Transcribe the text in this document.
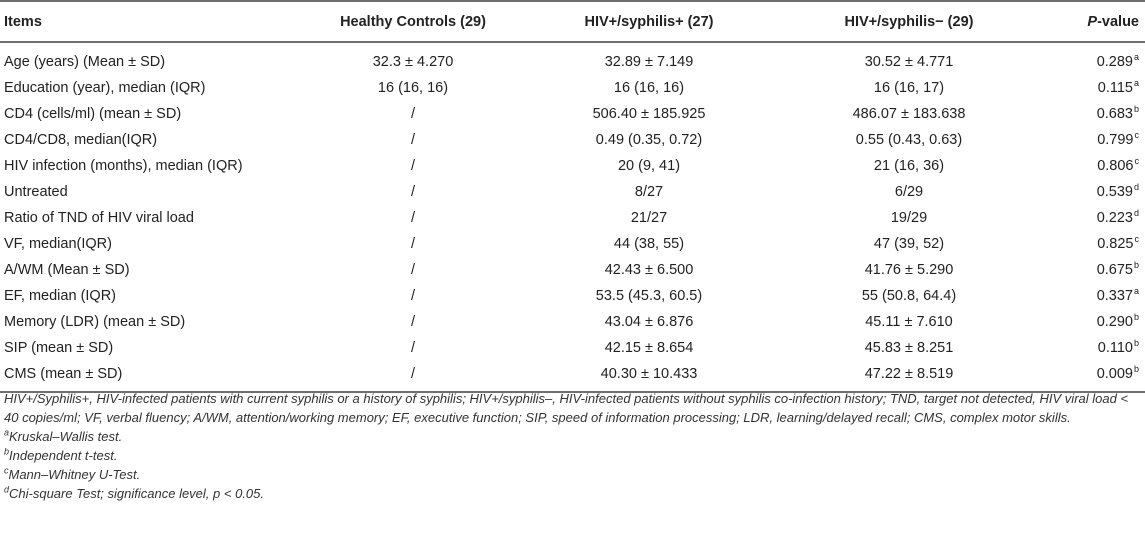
Items	Healthy Controls (29)	HIV+/syphilis+ (27)	HIV+/syphilis− (29)	P-value
Age (years) (Mean ± SD)	32.3 ± 4.270	32.89 ± 7.149	30.52 ± 4.771	0.289$^a$
Education (year), median (IQR)	16 (16, 16)	16 (16, 16)	16 (16, 17)	0.115$^a$
CD4 (cells/ml) (mean ± SD)	/	506.40 ± 185.925	486.07 ± 183.638	0.683$^b$
CD4/CD8, median(IQR)	/	0.49 (0.35, 0.72)	0.55 (0.43, 0.63)	0.799$^c$
HIV infection (months), median (IQR)	/	20 (9, 41)	21 (16, 36)	0.806$^c$
Untreated	/	8/27	6/29	0.539$^d$
Ratio of TND of HIV viral load	/	21/27	19/29	0.223$^d$
VF, median(IQR)	/	44 (38, 55)	47 (39, 52)	0.825$^c$
A/WM (Mean ± SD)	/	42.43 ± 6.500	41.76 ± 5.290	0.675$^b$
EF, median (IQR)	/	53.5 (45.3, 60.5)	55 (50.8, 64.4)	0.337$^a$
Memory (LDR) (mean ± SD)	/	43.04 ± 6.876	45.11 ± 7.610	0.290$^b$
SIP (mean ± SD)	/	42.15 ± 8.654	45.83 ± 8.251	0.110$^b$
CMS (mean ± SD)	/	40.30 ± 10.433	47.22 ± 8.519	0.009$^b$

HIV+/Syphilis+, HIV-infected patients with current syphilis or a history of syphilis; HIV+/syphilis–, HIV-infected patients without syphilis co-infection history; TND, target not detected, HIV viral load < 40 copies/ml; VF, verbal fluency; A/WM, attention/working memory; EF, executive function; SIP, speed of information processing; LDR, learning/delayed recall; CMS, complex motor skills.

$^a$Kruskal–Wallis test.

$^b$Independent t-test.

$^c$Mann–Whitney U-Test.

$^d$Chi-square Test; significance level, p < 0.05.
